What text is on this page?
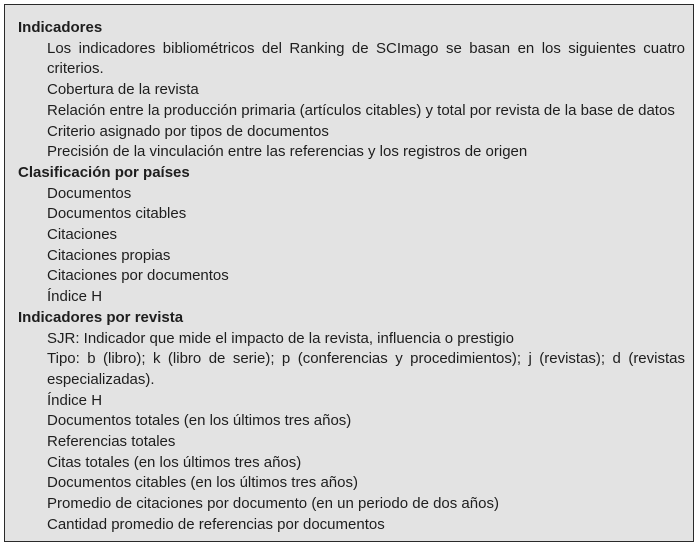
Indicadores
Los indicadores bibliométricos del Ranking de SCImago se basan en los siguientes cuatro criterios.
Cobertura de la revista
Relación entre la producción primaria (artículos citables) y total por revista de la base de datos
Criterio asignado por tipos de documentos
Precisión de la vinculación entre las referencias y los registros de origen
Clasificación por países
Documentos
Documentos citables
Citaciones
Citaciones propias
Citaciones por documentos
Índice H
Indicadores por revista
SJR: Indicador que mide el impacto de la revista, influencia o prestigio
Tipo: b (libro); k (libro de serie); p (conferencias y procedimientos); j (revistas); d (revistas especializadas).
Índice H
Documentos totales (en los últimos tres años)
Referencias totales
Citas totales (en los últimos tres años)
Documentos citables (en los últimos tres años)
Promedio de citaciones por documento (en un periodo de dos años)
Cantidad promedio de referencias por documentos
